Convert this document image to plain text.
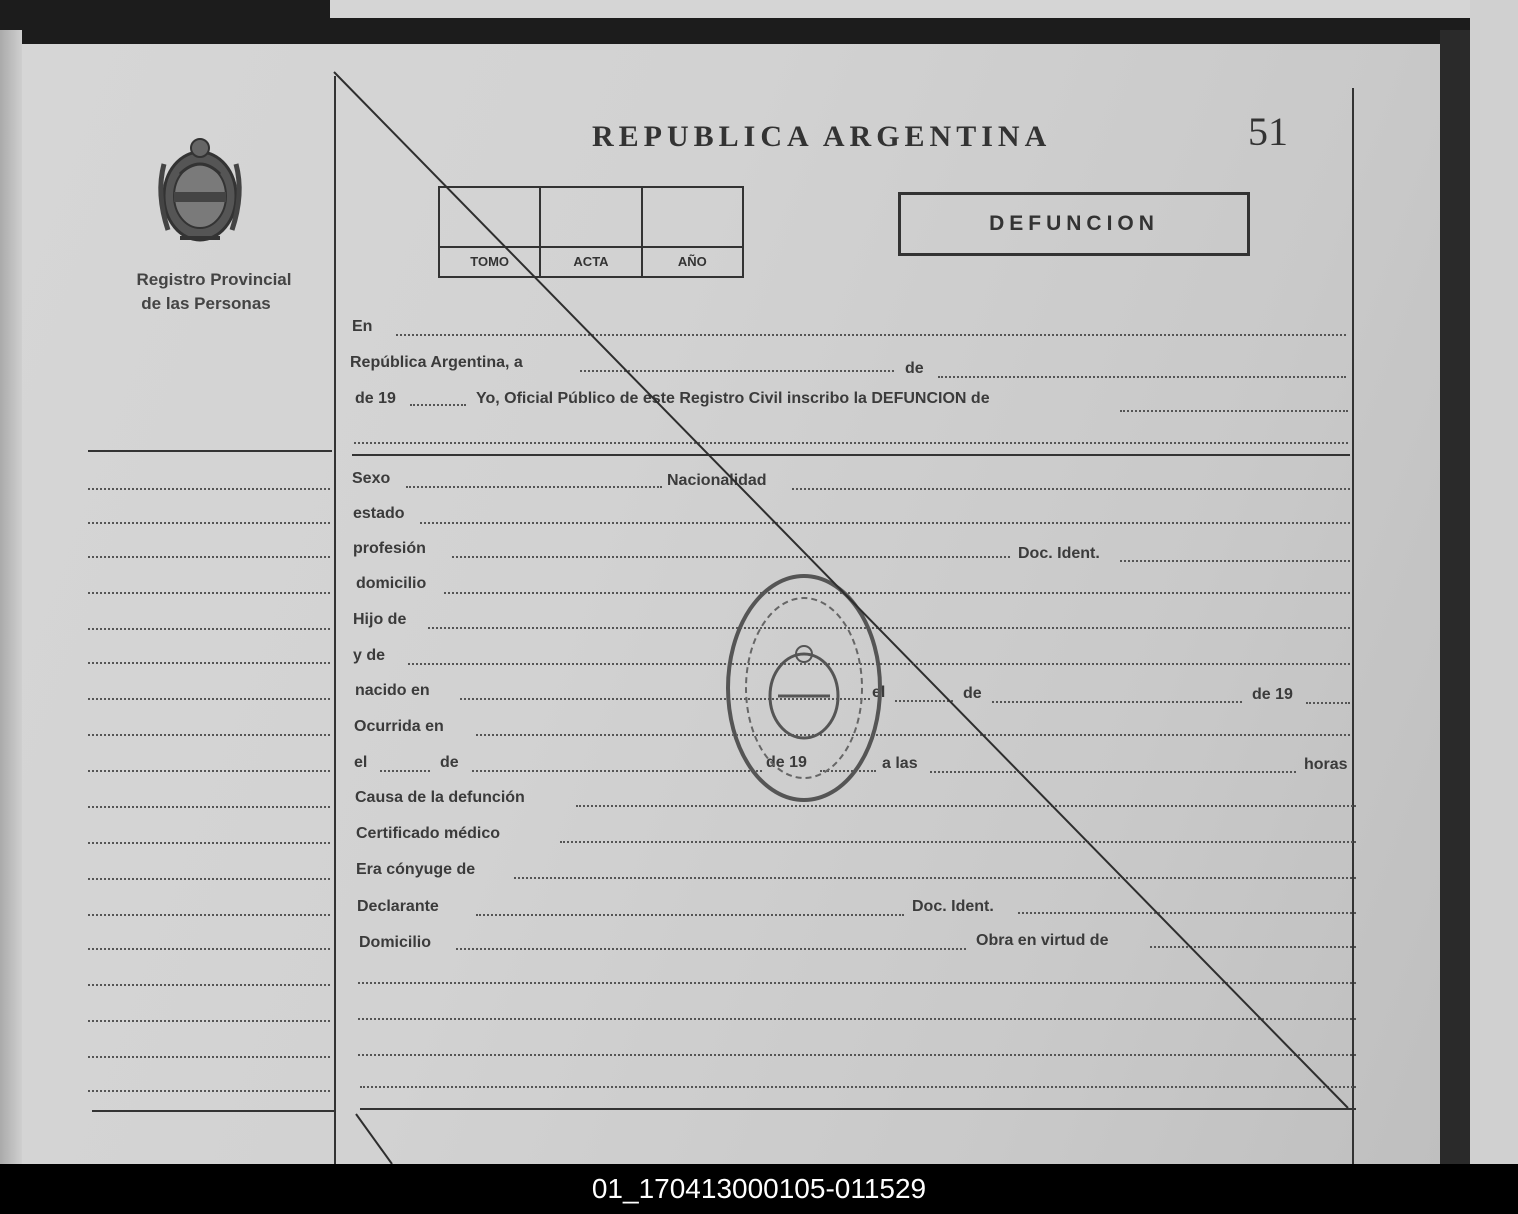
Registro Provincial
de las Personas
REPUBLICA ARGENTINA	51
DEFUNCION
TOMO	ACTA	AÑO
En
República Argentina, a	de
de 19	Yo, Oficial Público de este Registro Civil inscribo la DEFUNCION de
Sexo	Nacionalidad
estado
profesión	Doc. Ident.
domicilio
Hijo de
y de
nacido en	el	de	de 19
Ocurrida en
el	de	de 19	a las	horas
Causa de la defunción
Certificado médico
Era cónyuge de
Declarante	Doc. Ident.
Domicilio	Obra en virtud de
01_170413000105-011529
